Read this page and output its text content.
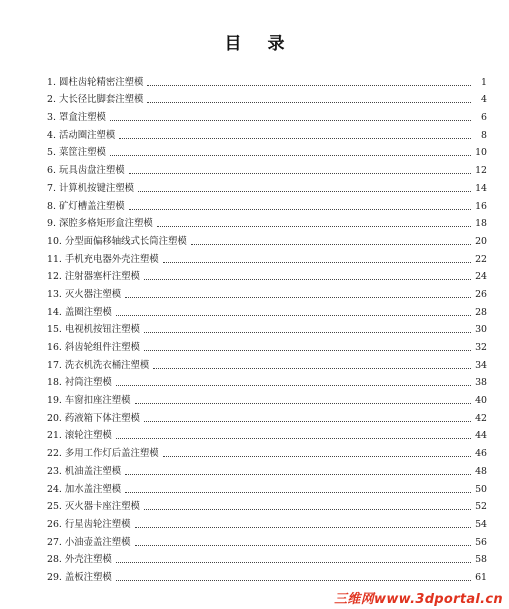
目 录
1. 圆柱齿轮精密注塑模	1
2. 大长径比脚套注塑模	4
3. 罩盒注塑模	6
4. 活动圈注塑模	8
5. 菜筐注塑模	10
6. 玩具齿盘注塑模	12
7. 计算机按键注塑模	14
8. 矿灯槽盖注塑模	16
9. 深腔多格矩形盒注塑模	18
10. 分型面偏移轴线式长筒注塑模	20
11. 手机充电器外壳注塑模	22
12. 注射器塞杆注塑模	24
13. 灭火器注塑模	26
14. 盖圈注塑模	28
15. 电视机按钮注塑模	30
16. 斜齿轮组件注塑模	32
17. 洗衣机洗衣桶注塑模	34
18. 衬筒注塑模	38
19. 车窗扣座注塑模	40
20. 药液箱下体注塑模	42
21. 滚轮注塑模	44
22. 多用工作灯后盖注塑模	46
23. 机油盖注塑模	48
24. 加水盖注塑模	50
25. 灭火器卡座注塑模	52
26. 行星齿轮注塑模	54
27. 小油壶盖注塑模	56
28. 外壳注塑模	58
29. 盖板注塑模	61
三维网www.3dportal.cn
